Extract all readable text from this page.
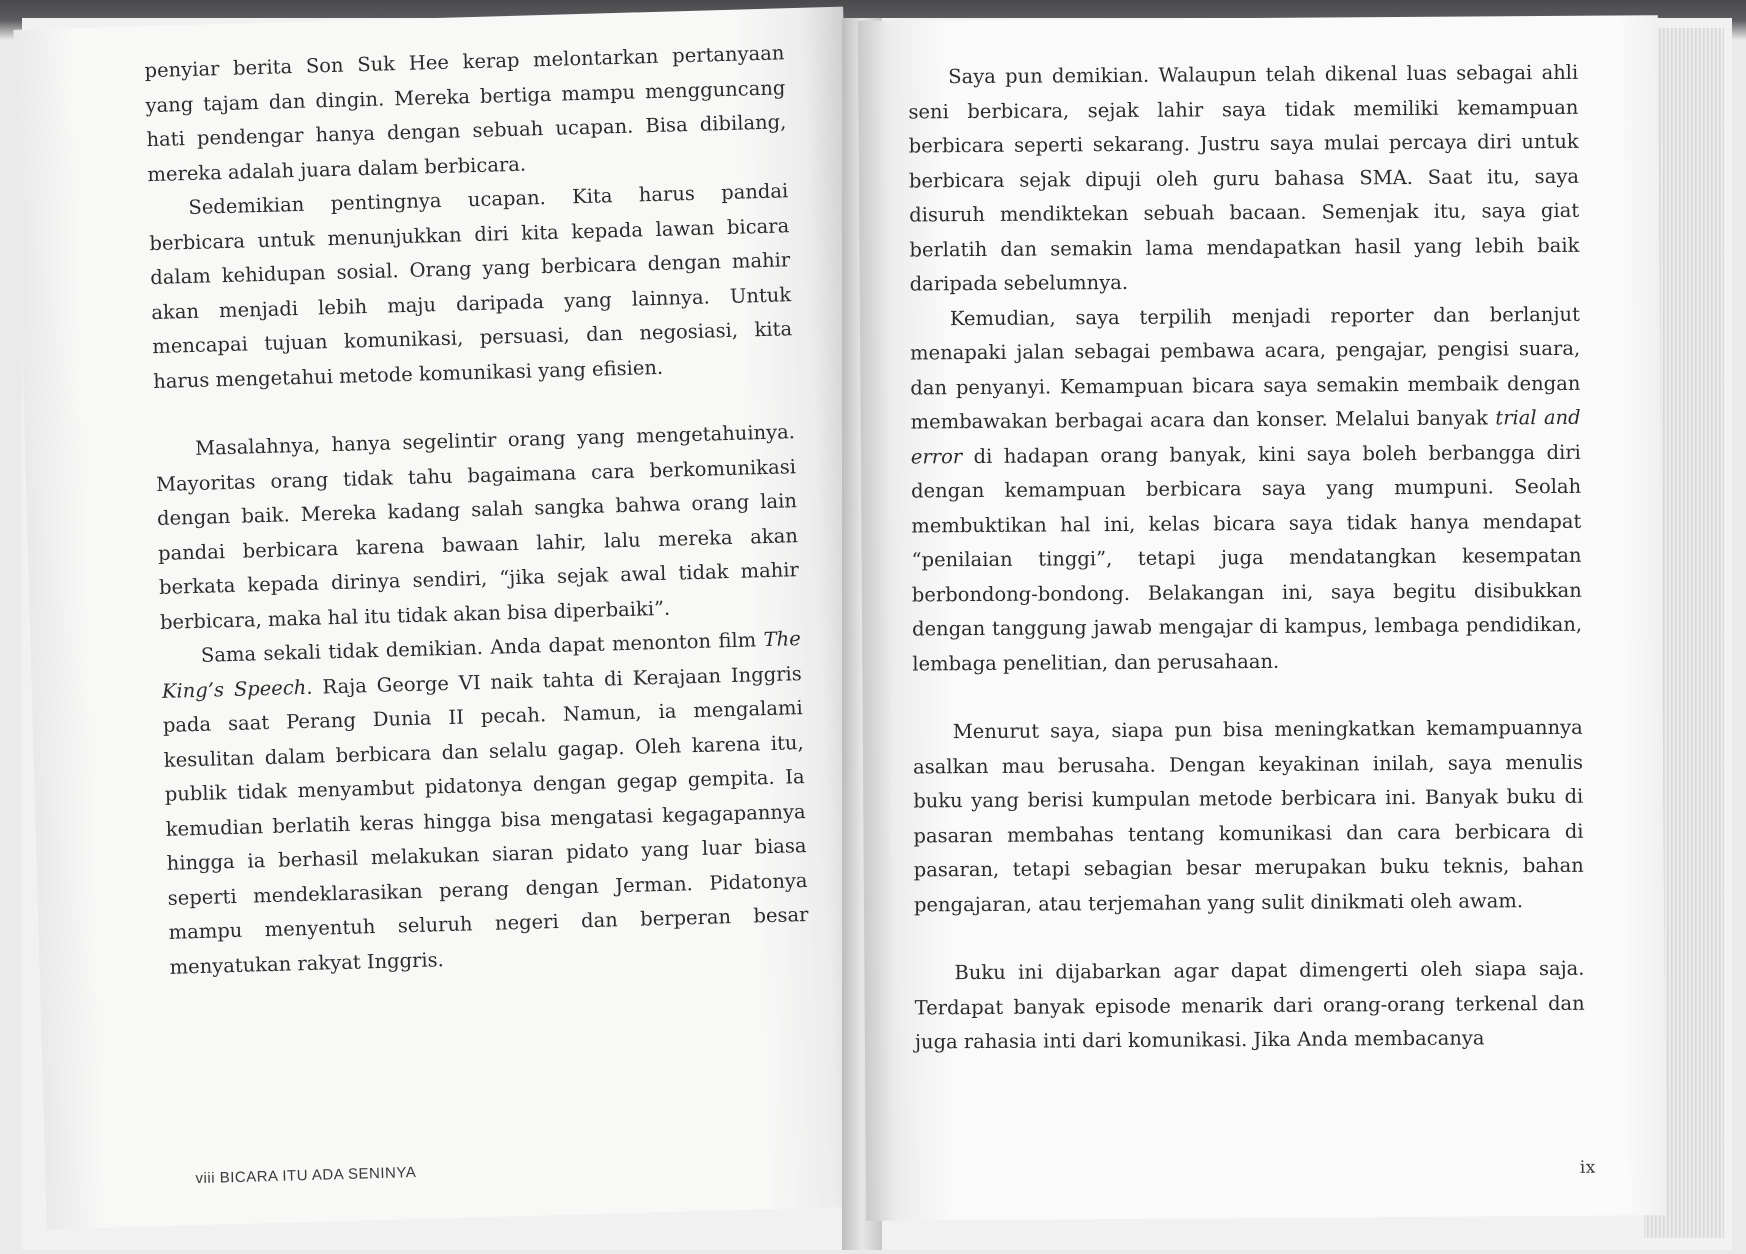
penyiar berita Son Suk Hee kerap melontarkan pertanyaan yang tajam dan dingin. Mereka bertiga mampu mengguncang hati pendengar hanya dengan sebuah ucapan. Bisa dibilang, mereka adalah juara dalam berbicara.

Sedemikian pentingnya ucapan. Kita harus pandai berbicara untuk menunjukkan diri kita kepada lawan bicara dalam kehidupan sosial. Orang yang berbicara dengan mahir akan menjadi lebih maju daripada yang lainnya. Untuk mencapai tujuan komunikasi, persuasi, dan negosiasi, kita harus mengetahui metode komunikasi yang efisien.

Masalahnya, hanya segelintir orang yang mengetahuinya. Mayoritas orang tidak tahu bagaimana cara berkomunikasi dengan baik. Mereka kadang salah sangka bahwa orang lain pandai berbicara karena bawaan lahir, lalu mereka akan berkata kepada dirinya sendiri, “jika sejak awal tidak mahir berbicara, maka hal itu tidak akan bisa diperbaiki”.

Sama sekali tidak demikian. Anda dapat menonton film The King’s Speech. Raja George VI naik tahta di Kerajaan Inggris pada saat Perang Dunia II pecah. Namun, ia mengalami kesulitan dalam berbicara dan selalu gagap. Oleh karena itu, publik tidak menyambut pidatonya dengan gegap gempita. Ia kemudian berlatih keras hingga bisa mengatasi kegagapannya hingga ia berhasil melakukan siaran pidato yang luar biasa seperti mendeklarasikan perang dengan Jerman. Pidatonya mampu menyentuh seluruh negeri dan berperan besar menyatukan rakyat Inggris.

viii BICARA ITU ADA SENINYA

Saya pun demikian. Walaupun telah dikenal luas sebagai ahli seni berbicara, sejak lahir saya tidak memiliki kemampuan berbicara seperti sekarang. Justru saya mulai percaya diri untuk berbicara sejak dipuji oleh guru bahasa SMA. Saat itu, saya disuruh mendiktekan sebuah bacaan. Semenjak itu, saya giat berlatih dan semakin lama mendapatkan hasil yang lebih baik daripada sebelumnya.

Kemudian, saya terpilih menjadi reporter dan berlanjut menapaki jalan sebagai pembawa acara, pengajar, pengisi suara, dan penyanyi. Kemampuan bicara saya semakin membaik dengan membawakan berbagai acara dan konser. Melalui banyak trial and error di hadapan orang banyak, kini saya boleh berbangga diri dengan kemampuan berbicara saya yang mumpuni. Seolah membuktikan hal ini, kelas bicara saya tidak hanya mendapat “penilaian tinggi”, tetapi juga mendatangkan kesempatan berbondong-bondong. Belakangan ini, saya begitu disibukkan dengan tanggung jawab mengajar di kampus, lembaga pendidikan, lembaga penelitian, dan perusahaan.

Menurut saya, siapa pun bisa meningkatkan kemampuannya asalkan mau berusaha. Dengan keyakinan inilah, saya menulis buku yang berisi kumpulan metode berbicara ini. Banyak buku di pasaran membahas tentang komunikasi dan cara berbicara di pasaran, tetapi sebagian besar merupakan buku teknis, bahan pengajaran, atau terjemahan yang sulit dinikmati oleh awam.

Buku ini dijabarkan agar dapat dimengerti oleh siapa saja. Terdapat banyak episode menarik dari orang-orang terkenal dan juga rahasia inti dari komunikasi. Jika Anda membacanya

ix
